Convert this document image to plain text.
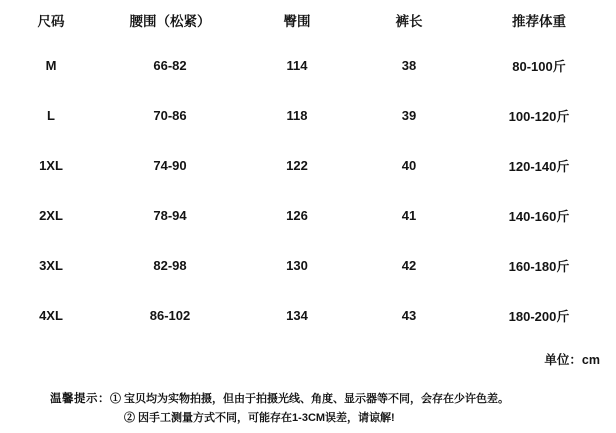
尺码	腰围（松紧）	臀围	裤长	推荐体重
M	66-82	114	38	80-100斤
L	70-86	118	39	100-120斤
1XL	74-90	122	40	120-140斤
2XL	78-94	126	41	140-160斤
3XL	82-98	130	42	160-180斤
4XL	86-102	134	43	180-200斤
单位：cm
温馨提示：① 宝贝均为实物拍摄，但由于拍摄光线、角度、显示器等不同，会存在少许色差。
② 因手工测量方式不同，可能存在1-3CM误差，请谅解!
